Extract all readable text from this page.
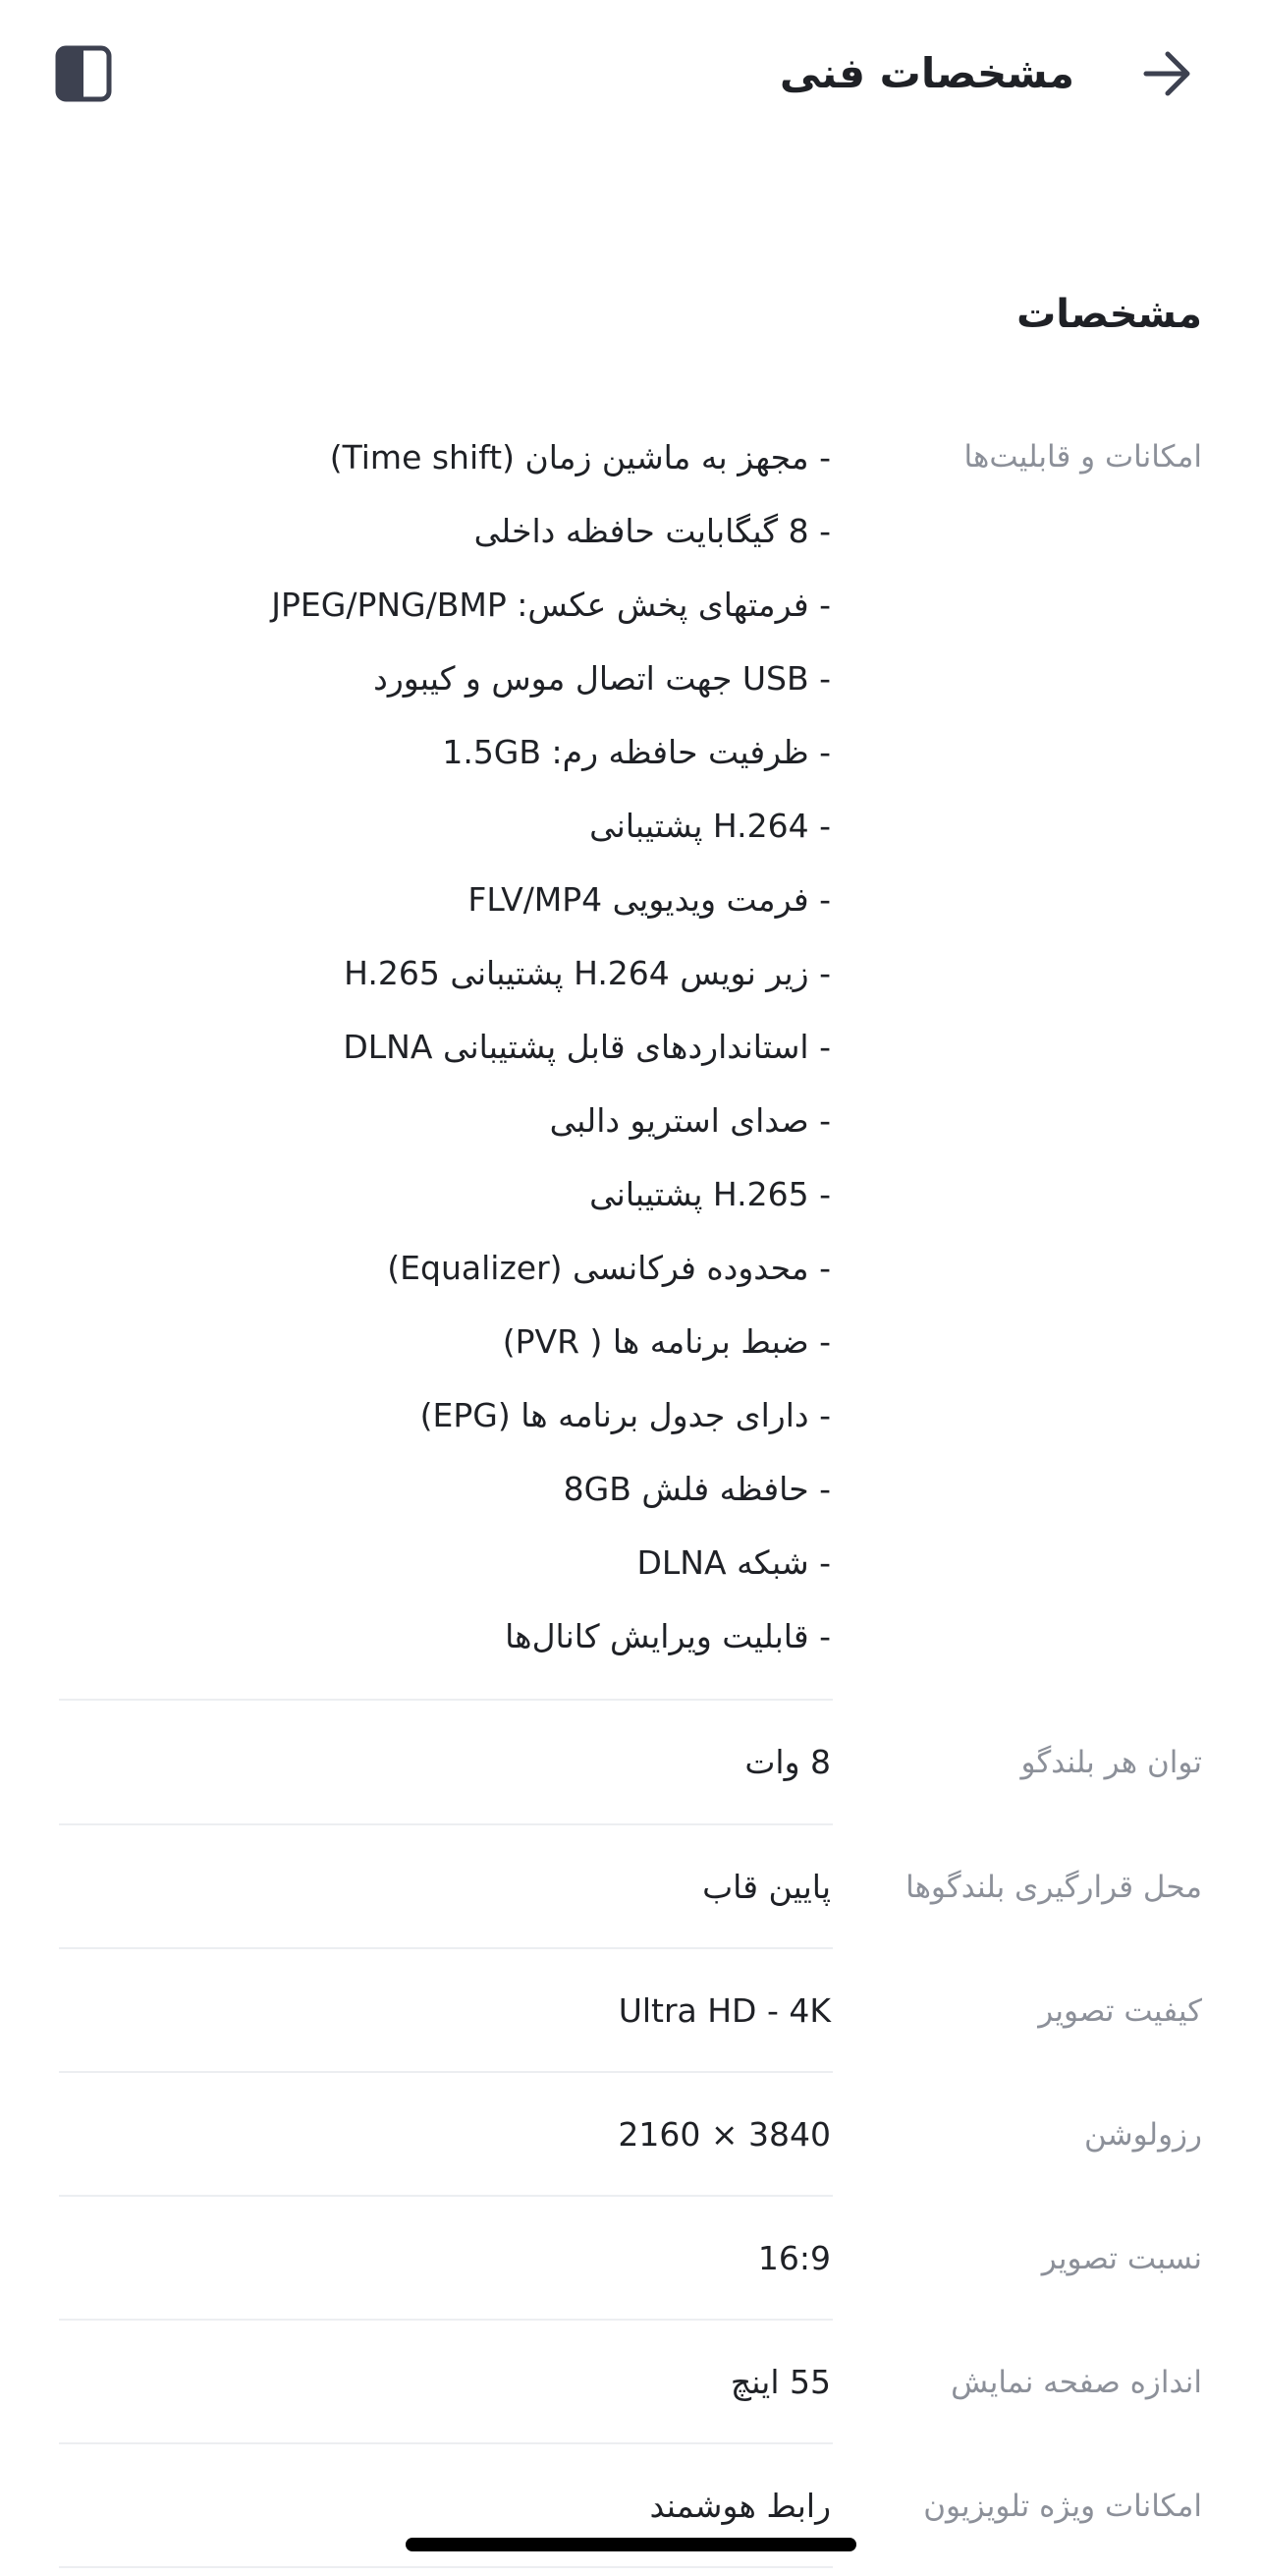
مشخصات فنی
مشخصات
امکانات و قابلیت‌ها
- مجهز به ماشین زمان (Time shift)
- 8 گیگابایت حافظه داخلی
- فرمتهای پخش عکس: JPEG/PNG/BMP
- USB جهت اتصال موس و کیبورد
- ظرفیت حافظه رم: 1.5GB
- H.264 پشتیبانی
- فرمت ویدیویی FLV/MP4
- زیر نویس H.264 پشتیبانی H.265
- استانداردهای قابل پشتیبانی DLNA
- صدای استریو دالبی
- H.265 پشتیبانی
- محدوده فرکانسی (Equalizer)
- ضبط برنامه ها ( PVR)
- دارای جدول برنامه ها (EPG)
- حافظه فلش 8GB
- شبکه DLNA
- قابلیت ویرایش کانال‌ها
توان هر بلندگو
8 وات
محل قرارگیری بلندگوها
پایین قاب
کیفیت تصویر
Ultra HD - 4K
رزولوشن
3840 × 2160
نسبت تصویر
16:9
اندازه صفحه نمایش
55 اینچ
امکانات ویژه تلویزیون
رابط هوشمند
